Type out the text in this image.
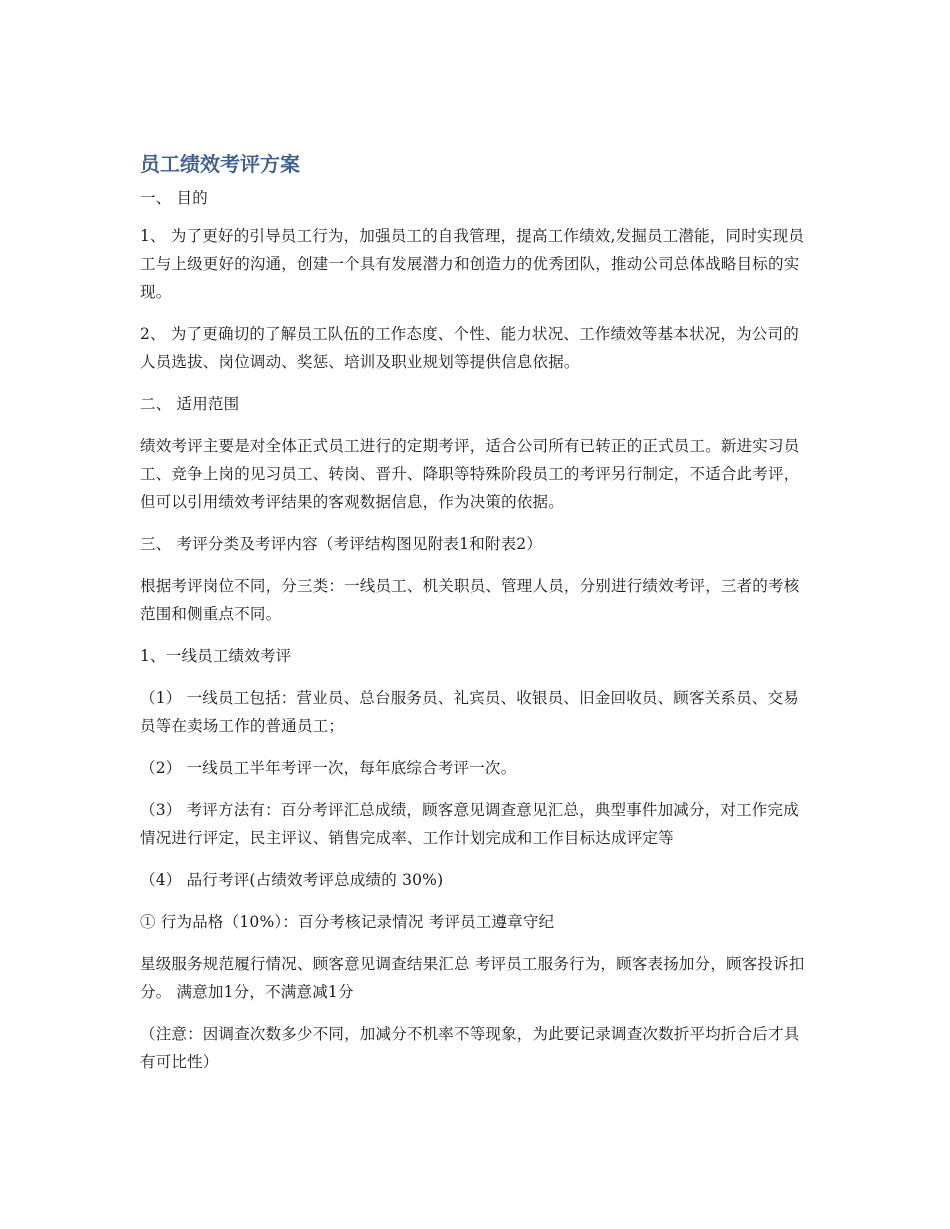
员工绩效考评方案

一、 目的

1、 为了更好的引导员工行为，加强员工的自我管理，提高工作绩效,发掘员工潜能，同时实现员工与上级更好的沟通，创建一个具有发展潜力和创造力的优秀团队，推动公司总体战略目标的实现。

2、 为了更确切的了解员工队伍的工作态度、个性、能力状况、工作绩效等基本状况，为公司的人员选拔、岗位调动、奖惩、培训及职业规划等提供信息依据。

二、 适用范围

绩效考评主要是对全体正式员工进行的定期考评，适合公司所有已转正的正式员工。新进实习员工、竞争上岗的见习员工、转岗、晋升、降职等特殊阶段员工的考评另行制定，不适合此考评，但可以引用绩效考评结果的客观数据信息，作为决策的依据。

三、 考评分类及考评内容（考评结构图见附表1和附表2）

根据考评岗位不同，分三类：一线员工、机关职员、管理人员，分别进行绩效考评，三者的考核范围和侧重点不同。

1、一线员工绩效考评

（1） 一线员工包括：营业员、总台服务员、礼宾员、收银员、旧金回收员、顾客关系员、交易员等在卖场工作的普通员工；

（2） 一线员工半年考评一次，每年底综合考评一次。

（3） 考评方法有：百分考评汇总成绩，顾客意见调查意见汇总，典型事件加减分，对工作完成情况进行评定，民主评议、销售完成率、工作计划完成和工作目标达成评定等

（4） 品行考评(占绩效考评总成绩的 30%)

① 行为品格（10%）：百分考核记录情况 考评员工遵章守纪

星级服务规范履行情况、顾客意见调查结果汇总 考评员工服务行为，顾客表扬加分，顾客投诉扣分。 满意加1分，不满意减1分

（注意：因调查次数多少不同，加减分不机率不等现象，为此要记录调查次数折平均折合后才具有可比性）
